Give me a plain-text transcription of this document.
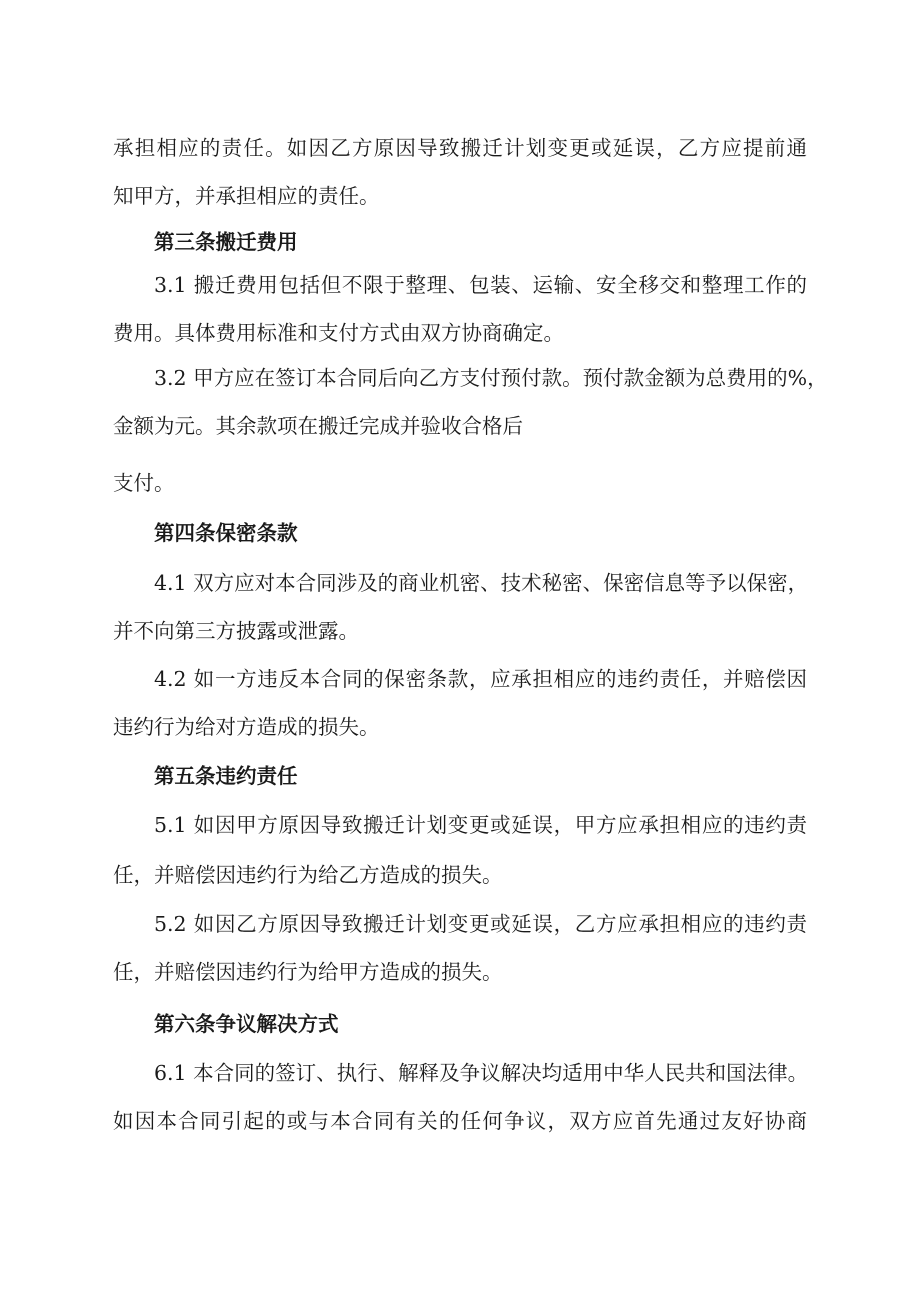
承担相应的责任。如因乙方原因导致搬迁计划变更或延误，乙方应提前通
知甲方，并承担相应的责任。
第三条搬迁费用
3.1 搬迁费用包括但不限于整理、包装、运输、安全移交和整理工作的
费用。具体费用标准和支付方式由双方协商确定。
3.2 甲方应在签订本合同后向乙方支付预付款。预付款金额为总费用的%，
金额为元。其余款项在搬迁完成并验收合格后
支付。
第四条保密条款
4.1 双方应对本合同涉及的商业机密、技术秘密、保密信息等予以保密，
并不向第三方披露或泄露。
4.2 如一方违反本合同的保密条款，应承担相应的违约责任，并赔偿因
违约行为给对方造成的损失。
第五条违约责任
5.1 如因甲方原因导致搬迁计划变更或延误，甲方应承担相应的违约责
任，并赔偿因违约行为给乙方造成的损失。
5.2 如因乙方原因导致搬迁计划变更或延误，乙方应承担相应的违约责
任，并赔偿因违约行为给甲方造成的损失。
第六条争议解决方式
6.1 本合同的签订、执行、解释及争议解决均适用中华人民共和国法律。
如因本合同引起的或与本合同有关的任何争议，双方应首先通过友好协商
